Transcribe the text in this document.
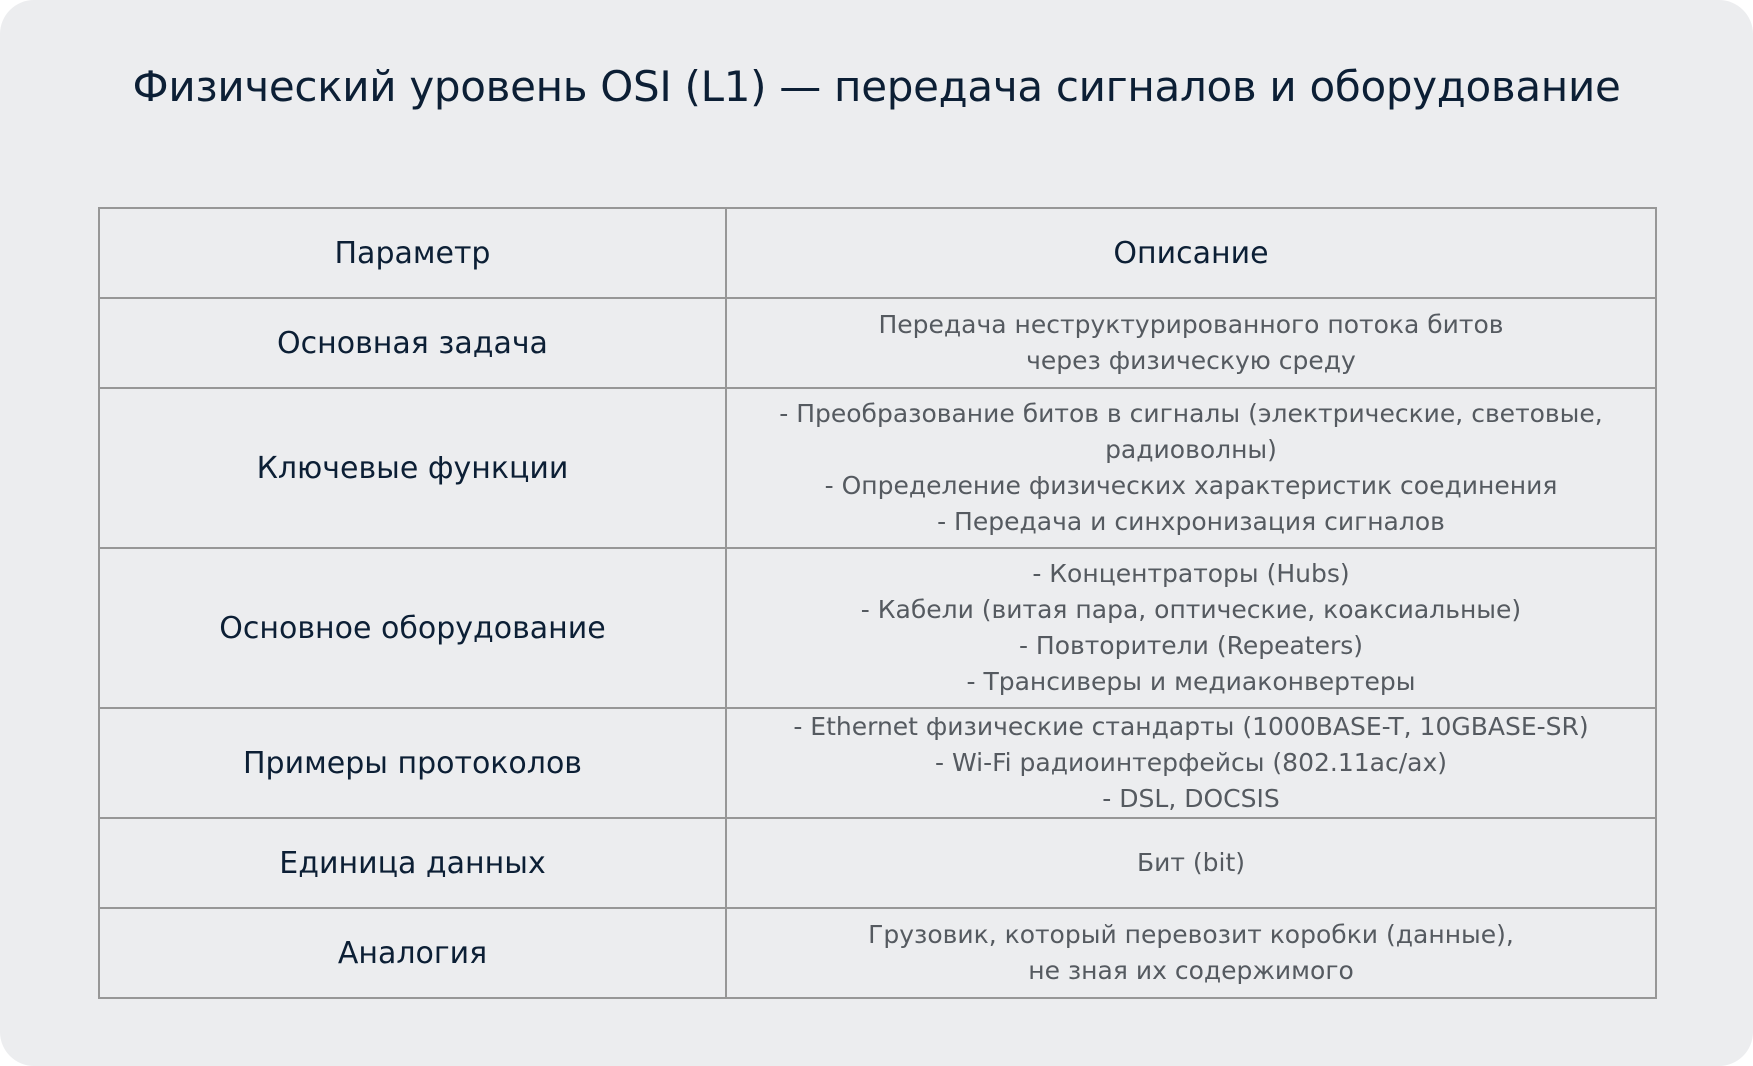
Физический уровень OSI (L1) — передача сигналов и оборудование
Параметр	Описание
Основная задача	Передача неструктурированного потока битов
через физическую среду

Ключевые функции	- Преобразование битов в сигналы (электрические, световые,
радиоволны)
- Определение физических характеристик соединения
- Передача и синхронизация сигналов

Основное оборудование	- Концентраторы (Hubs)
- Кабели (витая пара, оптические, коаксиальные)
- Повторители (Repeaters)
- Трансиверы и медиаконвертеры

Примеры протоколов	- Ethernet физические стандарты (1000BASE-T, 10GBASE-SR)
- Wi-Fi радиоинтерфейсы (802.11ac/ax)
- DSL, DOCSIS

Единица данных	Бит (bit)

Аналогия	Грузовик, который перевозит коробки (данные),
не зная их содержимого
